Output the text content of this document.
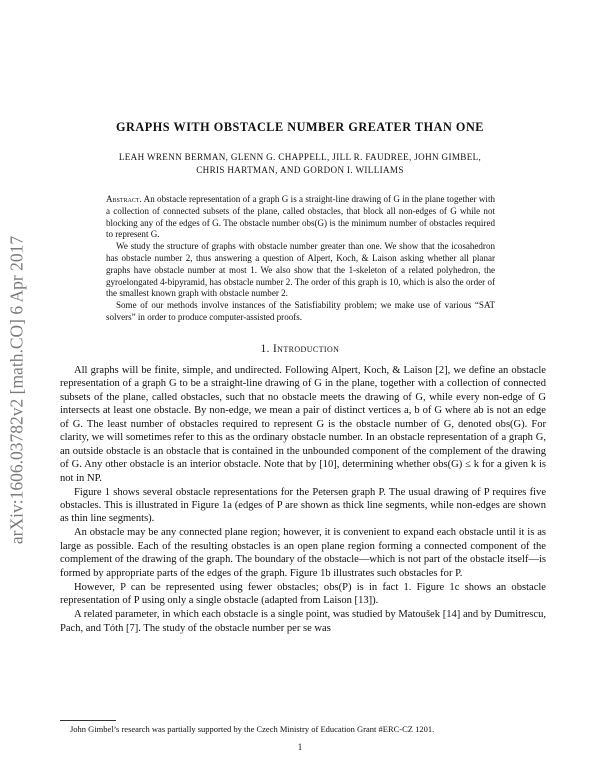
arXiv:1606.03782v2 [math.CO] 6 Apr 2017
GRAPHS WITH OBSTACLE NUMBER GREATER THAN ONE
LEAH WRENN BERMAN, GLENN G. CHAPPELL, JILL R. FAUDREE, JOHN GIMBEL,
CHRIS HARTMAN, AND GORDON I. WILLIAMS

Abstract. An obstacle representation of a graph G is a straight-line drawing of G in the plane together with a collection of connected subsets of the plane, called obstacles, that block all non-edges of G while not blocking any of the edges of G. The obstacle number obs(G) is the minimum number of obstacles required to represent G.

We study the structure of graphs with obstacle number greater than one. We show that the icosahedron has obstacle number 2, thus answering a question of Alpert, Koch, & Laison asking whether all planar graphs have obstacle number at most 1. We also show that the 1-skeleton of a related polyhedron, the gyroelongated 4-bipyramid, has obstacle number 2. The order of this graph is 10, which is also the order of the smallest known graph with obstacle number 2.

Some of our methods involve instances of the Satisfiability problem; we make use of various “SAT solvers” in order to produce computer-assisted proofs.

1. Introduction

All graphs will be finite, simple, and undirected. Following Alpert, Koch, & Laison [2], we define an obstacle representation of a graph G to be a straight-line drawing of G in the plane, together with a collection of connected subsets of the plane, called obstacles, such that no obstacle meets the drawing of G, while every non-edge of G intersects at least one obstacle. By non-edge, we mean a pair of distinct vertices a, b of G where ab is not an edge of G. The least number of obstacles required to represent G is the obstacle number of G, denoted obs(G). For clarity, we will sometimes refer to this as the ordinary obstacle number. In an obstacle representation of a graph G, an outside obstacle is an obstacle that is contained in the unbounded component of the complement of the drawing of G. Any other obstacle is an interior obstacle. Note that by [10], determining whether obs(G) ≤ k for a given k is not in NP.

Figure 1 shows several obstacle representations for the Petersen graph P. The usual drawing of P requires five obstacles. This is illustrated in Figure 1a (edges of P are shown as thick line segments, while non-edges are shown as thin line segments).

An obstacle may be any connected plane region; however, it is convenient to expand each obstacle until it is as large as possible. Each of the resulting obstacles is an open plane region forming a connected component of the complement of the drawing of the graph. The boundary of the obstacle—which is not part of the obstacle itself—is formed by appropriate parts of the edges of the graph. Figure 1b illustrates such obstacles for P.

However, P can be represented using fewer obstacles; obs(P) is in fact 1. Figure 1c shows an obstacle representation of P using only a single obstacle (adapted from Laison [13]).

A related parameter, in which each obstacle is a single point, was studied by Matoušek [14] and by Dumitrescu, Pach, and Tóth [7]. The study of the obstacle number per se was

John Gimbel’s research was partially supported by the Czech Ministry of Education Grant #ERC-CZ 1201.
1
